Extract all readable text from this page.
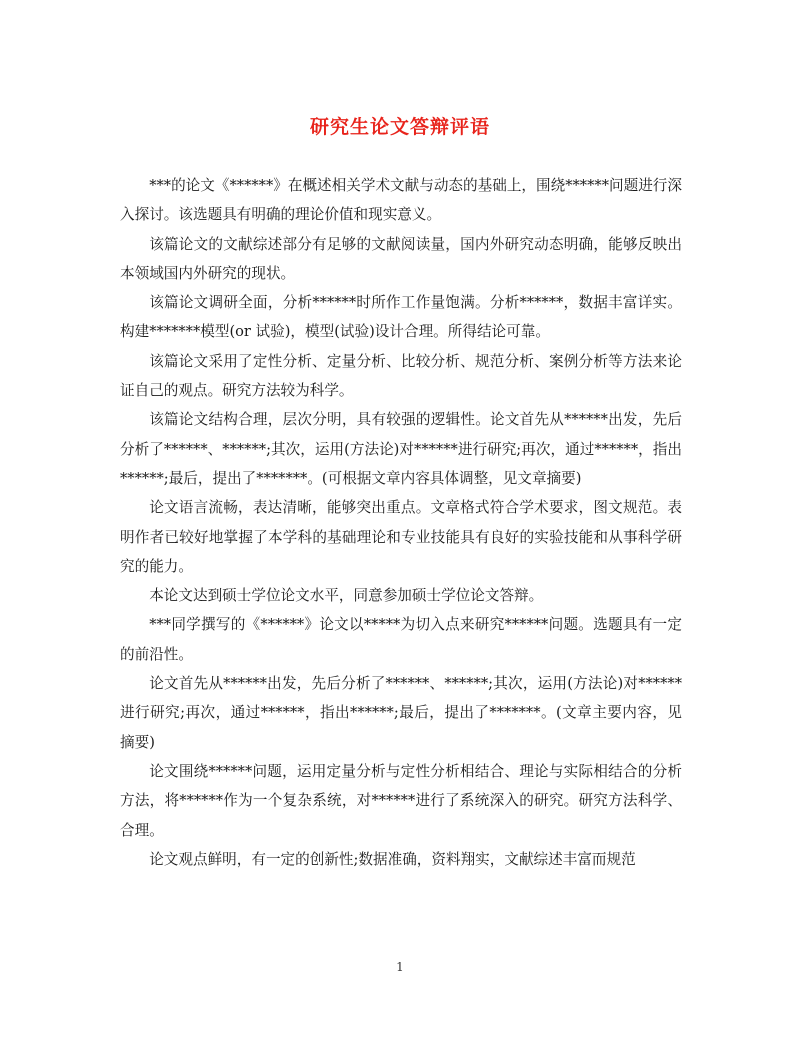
研究生论文答辩评语

***的论文《******》在概述相关学术文献与动态的基础上，围绕******问题进行深入探讨。该选题具有明确的理论价值和现实意义。

该篇论文的文献综述部分有足够的文献阅读量，国内外研究动态明确，能够反映出本领域国内外研究的现状。

该篇论文调研全面，分析******时所作工作量饱满。分析******，数据丰富详实。构建*******模型(or 试验)，模型(试验)设计合理。所得结论可靠。

该篇论文采用了定性分析、定量分析、比较分析、规范分析、案例分析等方法来论证自己的观点。研究方法较为科学。

该篇论文结构合理，层次分明，具有较强的逻辑性。论文首先从******出发，先后分析了******、******;其次，运用(方法论)对******进行研究;再次，通过******，指出******;最后，提出了*******。(可根据文章内容具体调整，见文章摘要)

论文语言流畅，表达清晰，能够突出重点。文章格式符合学术要求，图文规范。表明作者已较好地掌握了本学科的基础理论和专业技能具有良好的实验技能和从事科学研究的能力。

本论文达到硕士学位论文水平，同意参加硕士学位论文答辩。

***同学撰写的《******》论文以*****为切入点来研究******问题。选题具有一定的前沿性。

论文首先从******出发，先后分析了******、******;其次，运用(方法论)对******进行研究;再次，通过******，指出******;最后，提出了*******。(文章主要内容，见摘要)

论文围绕******问题，运用定量分析与定性分析相结合、理论与实际相结合的分析方法，将******作为一个复杂系统，对******进行了系统深入的研究。研究方法科学、合理。

论文观点鲜明，有一定的创新性;数据准确，资料翔实，文献综述丰富而规范

1
